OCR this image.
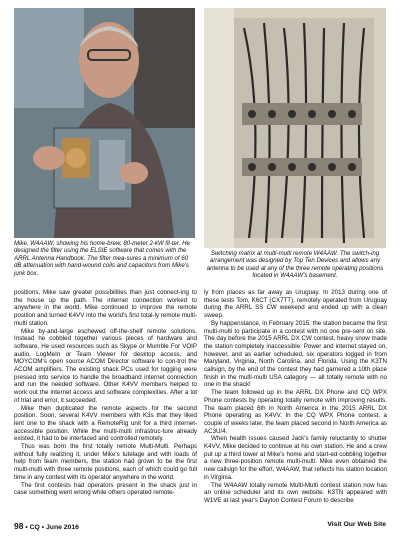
Mike, W4AAW, showing his home-brew, 80-meter 2-kW fil-ter. He designed the filter using the ELSIE software that comes with the ARRL Antenna Handbook. The filter mea-sures a minimum of 60 dB attenuation with hand-wound coils and capacitors from Mike's junk box.
Switching matrix at multi-multi remote W4AAW. The switch-ing arrangement was designed by Top Ten Devices and allows any antenna to be used at any of the three remote operating positions located in W4AAW's basement.

positions, Mike saw greater possibilities than just connect-ing to the house up the path. The internet connection worked to anywhere in the world. Mike continued to improve the remote position and turned K4VV into the world's first total-ly remote multi-multi station.

Mike by-and-large eschewed off-the-shelf remote solutions. Instead he cobbled together various pieces of hardware and software. He used resources such as Skype or Mumble For VOIP audio, LogMeIn or Team Viewer for desktop access, and MOYCOM's open source ACOM Director software to con-trol the ACOM amplifiers. The existing shack PCs used for logging were pressed into service to handle the broadband internet connection and run the needed software. Other K4VV members helped to work out the internet access and software complexities. After a lot of trial and error, it succeeded.

Mike then duplicated the remote aspects for the second position. Soon, several K4VV members with K3s that they liked lent one to the shack with a RemoteRig unit for a third internet-accessible position. While the multi-multi infrastruc-ture already existed, it had to be interfaced and controlled remotely.

Thus was born the first totally remote Multi-Multi. Perhaps without fully realizing it, under Mike's tutelage and with loads of help from team members, the station had grown to be the first multi-multi with three remote positions, each of which could go full time in any contest with its operator anywhere in the world.

The first contests had operators present in the shack just in case something went wrong while others operated remote-

ly from places as far away as Uruguay. In 2013 during one of these tests Tom, K6CT (CX7TT), remotely operated from Uruguay during the ARRL SS CW weekend and ended up with a clean sweep.

By happenstance, in February 2015, the station became the first multi-multi to participate in a contest with no one pre-sent on site. The day before the 2015 ARRL DX CW contest, heavy snow made the station completely inaccessible. Power and internet stayed on, however, and as earlier scheduled, six operators logged in from Maryland, Virginia, North Carolina, and Florida. Using the K3TN callsign, by the end of the contest they had garnered a 10th place finish in the multi-multi USA category — all totally remote with no one in the shack!

The team followed up in the ARRL DX Phone and CQ WPX Phone contests by operating totally remote with improving results. The team placed 6th in North America in the 2015 ARRL DX Phone operating as K4VV. In the CQ WPX Phone contest, a couple of weeks later, the team placed second in North America as AC3U/4.

When health issues caused Jack's family reluctantly to shutter K4VV, Mike decided to continue at his own station. He and a crew put up a third tower at Mike's home and start-ed cobbling together a new three-position remote multi-multi. Mike even obtained the new callsign for the effort, W4AAW, that reflects his station location in Virginia.

The W4AAW totally remote Multi-Multi contest station now has an online scheduler and its own website. K3TN appeared with W1VE at last year's Dayton Contest Forum to describe

98 • CQ • June 2016	Visit Our Web Site
